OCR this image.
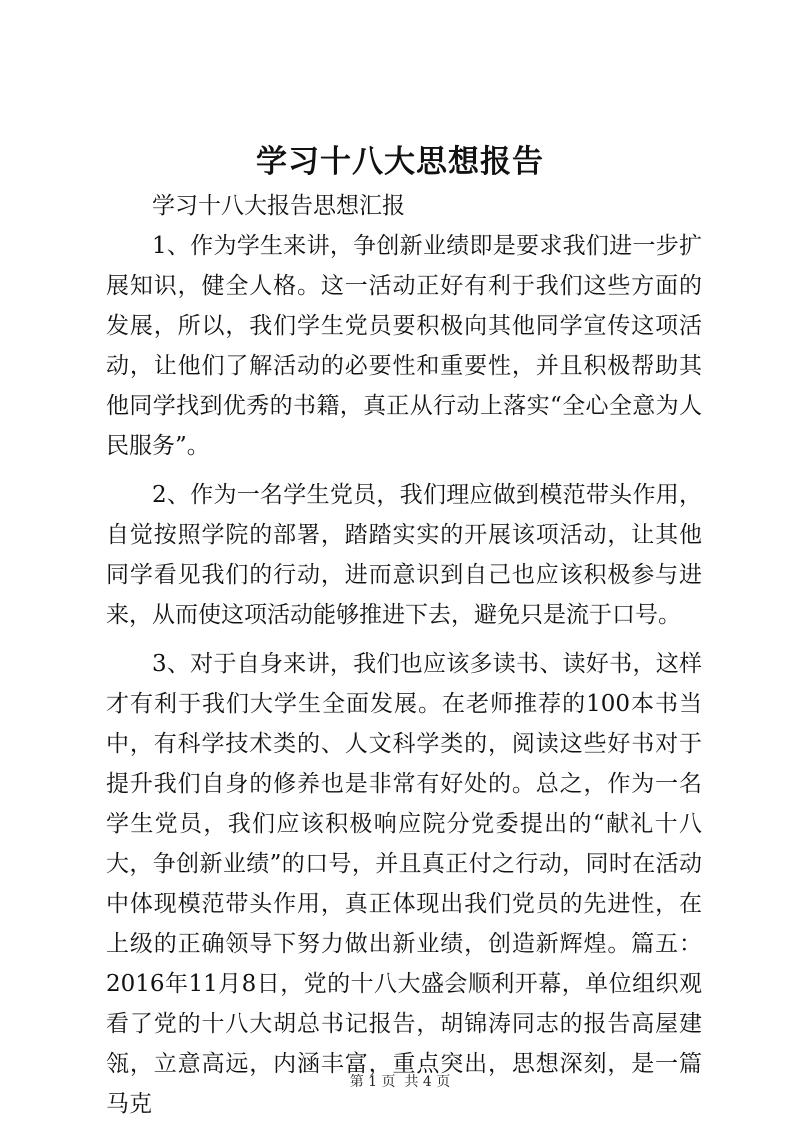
学习十八大思想报告

学习十八大报告思想汇报

1、作为学生来讲，争创新业绩即是要求我们进一步扩展知识，健全人格。这一活动正好有利于我们这些方面的发展，所以，我们学生党员要积极向其他同学宣传这项活动，让他们了解活动的必要性和重要性，并且积极帮助其他同学找到优秀的书籍，真正从行动上落实“全心全意为人民服务”。

2、作为一名学生党员，我们理应做到模范带头作用，自觉按照学院的部署，踏踏实实的开展该项活动，让其他同学看见我们的行动，进而意识到自己也应该积极参与进来，从而使这项活动能够推进下去，避免只是流于口号。

3、对于自身来讲，我们也应该多读书、读好书，这样才有利于我们大学生全面发展。在老师推荐的100本书当中，有科学技术类的、人文科学类的，阅读这些好书对于提升我们自身的修养也是非常有好处的。总之，作为一名学生党员，我们应该积极响应院分党委提出的“献礼十八大，争创新业绩”的口号，并且真正付之行动，同时在活动中体现模范带头作用，真正体现出我们党员的先进性，在上级的正确领导下努力做出新业绩，创造新辉煌。篇五：2016年11月8日，党的十八大盛会顺利开幕，单位组织观看了党的十八大胡总书记报告，胡锦涛同志的报告高屋建瓴，立意高远，内涵丰富，重点突出，思想深刻，是一篇马克

第 1 页  共 4 页
